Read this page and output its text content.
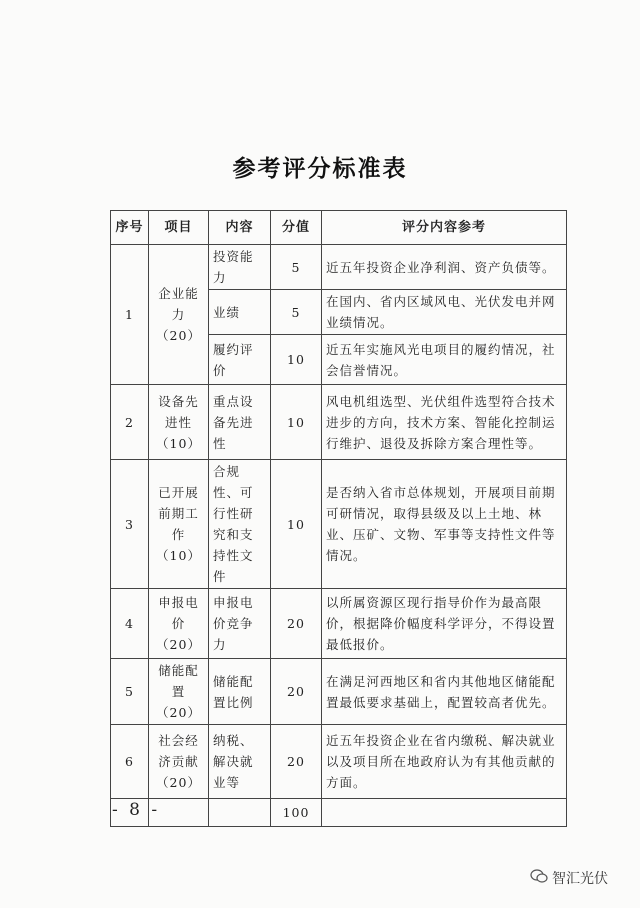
参考评分标准表
序号	项目	内容	分值	评分内容参考
1	企业能力（20）	投资能力	5	近五年投资企业净利润、资产负债等。
		业绩	5	在国内、省内区域风电、光伏发电并网业绩情况。
		履约评价	10	近五年实施风光电项目的履约情况，社会信誉情况。
2	设备先进性（10）	重点设备先进性	10	风电机组选型、光伏组件选型符合技术进步的方向，技术方案、智能化控制运行维护、退役及拆除方案合理性等。
3	已开展前期工作（10）	合规性、可行性研究和支持性文件	10	是否纳入省市总体规划，开展项目前期可研情况，取得县级及以上土地、林业、压矿、文物、军事等支持性文件等情况。
4	申报电价（20）	申报电价竞争力	20	以所属资源区现行指导价作为最高限价，根据降价幅度科学评分，不得设置最低报价。
5	储能配置（20）	储能配置比例	20	在满足河西地区和省内其他地区储能配置最低要求基础上，配置较高者优先。
6	社会经济贡献（20）	纳税、解决就业等	20	近五年投资企业在省内缴税、解决就业以及项目所在地政府认为有其他贡献的方面。
			100	
- 8 -
智汇光伏
